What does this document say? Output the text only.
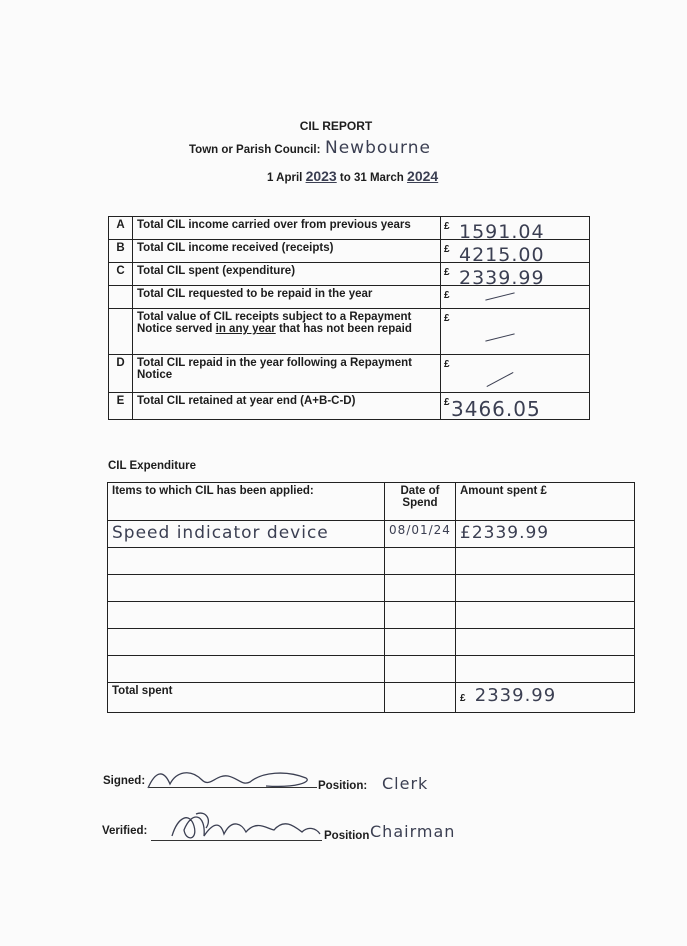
CIL REPORT
Town or Parish Council: Newbourne
1 April 2023 to 31 March 2024
A	Total CIL income carried over from previous years	£ 1591.04

B	Total CIL income received (receipts)	£ 4215.00

C	Total CIL spent (expenditure)	£ 2339.99

	Total CIL requested to be repaid in the year	£

	Total value of CIL receipts subject to a Repayment Notice served in any year that has not been repaid	£

D	Total CIL repaid in the year following a Repayment Notice	£

E	Total CIL retained at year end (A+B-C-D)	£ 3466.05
CIL Expenditure
Items to which CIL has been applied:	Date of Spend	Amount spent £
Speed indicator device	08/01/24	£2339.99

Total spent		£ 2339.99
Signed:	Position: Clerk
Verified:	Position Chairman
